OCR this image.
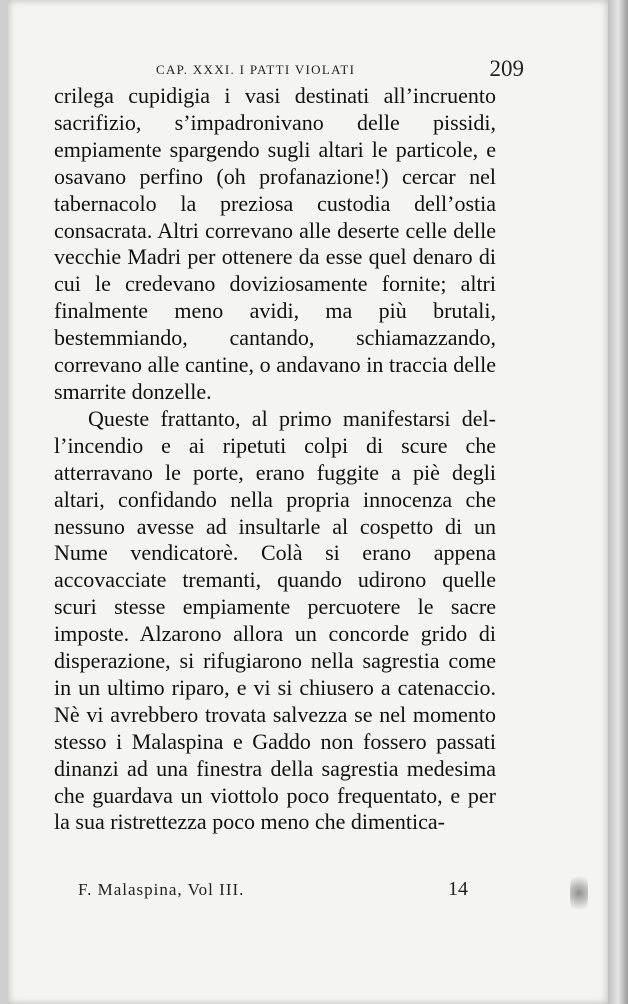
CAP. XXXI. I PATTI VIOLATI	209

crilega cupidigia i vasi destinati all’incruento sacrifizio, s’impadronivano delle pissidi, empiamente spargendo sugli altari le particole, e osavano perfino (oh profanazione!) cercar nel tabernacolo la preziosa custodia dell’ostia consacrata. Altri correvano alle deserte celle delle vecchie Madri per ottenere da esse quel denaro di cui le credevano doviziosamente fornite; altri finalmente meno avidi, ma più brutali, bestemmiando, cantando, schiamazzando, correvano alle cantine, o andavano in traccia delle smarrite donzelle.

Queste frattanto, al primo manifestarsi del-l’incendio e ai ripetuti colpi di scure che atterravano le porte, erano fuggite a piè degli altari, confidando nella propria innocenza che nessuno avesse ad insultarle al cospetto di un Nume vendicatorè. Colà si erano appena accovacciate tremanti, quando udirono quelle scuri stesse empiamente percuotere le sacre imposte. Alzarono allora un concorde grido di disperazione, si rifugiarono nella sagrestia come in un ultimo riparo, e vi si chiusero a catenaccio. Nè vi avrebbero trovata salvezza se nel momento stesso i Malaspina e Gaddo non fossero passati dinanzi ad una finestra della sagrestia medesima che guardava un viottolo poco frequentato, e per la sua ristrettezza poco meno che dimentica-

F. Malaspina, Vol III.	14
